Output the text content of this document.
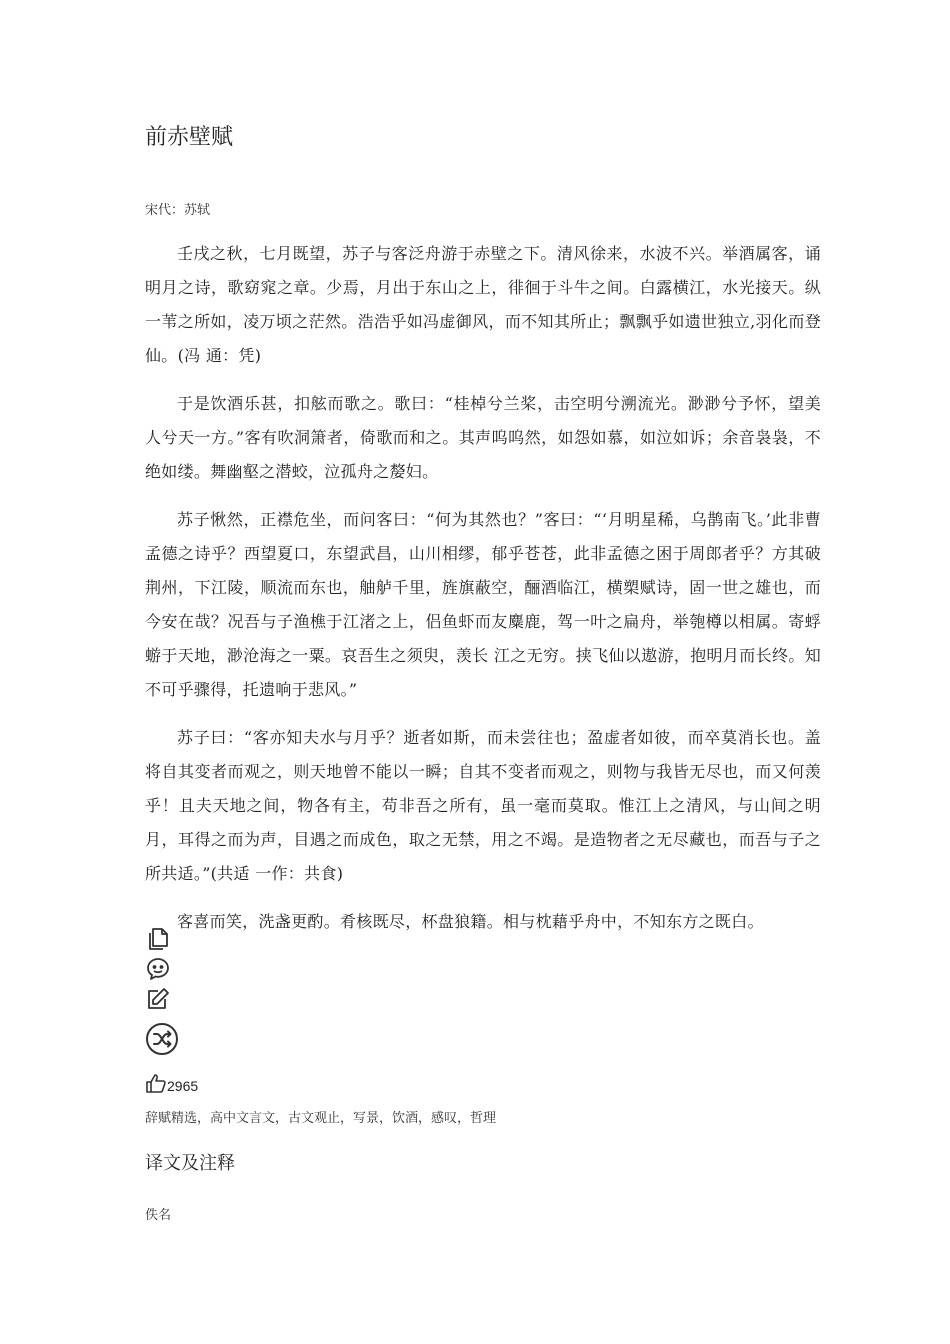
前赤壁赋
宋代：苏轼

壬戌之秋，七月既望，苏子与客泛舟游于赤壁之下。清风徐来，水波不兴。举酒属客，诵明月之诗，歌窈窕之章。少焉，月出于东山之上，徘徊于斗牛之间。白露横江，水光接天。纵一苇之所如，凌万顷之茫然。浩浩乎如冯虚御风，而不知其所止；飘飘乎如遗世独立,羽化而登仙。(冯 通：凭)

于是饮酒乐甚，扣舷而歌之。歌曰：“桂棹兮兰桨，击空明兮溯流光。渺渺兮予怀，望美人兮天一方。”客有吹洞箫者，倚歌而和之。其声呜呜然，如怨如慕，如泣如诉；余音袅袅，不绝如缕。舞幽壑之潜蛟，泣孤舟之嫠妇。

苏子愀然，正襟危坐，而问客曰：“何为其然也？”客曰：“‘月明星稀，乌鹊南飞。’此非曹孟德之诗乎？西望夏口，东望武昌，山川相缪，郁乎苍苍，此非孟德之困于周郎者乎？方其破荆州，下江陵，顺流而东也，舳舻千里，旌旗蔽空，酾酒临江，横槊赋诗，固一世之雄也，而今安在哉？况吾与子渔樵于江渚之上，侣鱼虾而友麋鹿，驾一叶之扁舟，举匏樽以相属。寄蜉蝣于天地，渺沧海之一粟。哀吾生之须臾，羡长 江之无穷。挟飞仙以遨游，抱明月而长终。知不可乎骤得，托遗响于悲风。”

苏子曰：“客亦知夫水与月乎？逝者如斯，而未尝往也；盈虚者如彼，而卒莫消长也。盖将自其变者而观之，则天地曾不能以一瞬；自其不变者而观之，则物与我皆无尽也，而又何羡乎！且夫天地之间，物各有主，苟非吾之所有，虽一毫而莫取。惟江上之清风，与山间之明月，耳得之而为声，目遇之而成色，取之无禁，用之不竭。是造物者之无尽藏也，而吾与子之所共适。”(共适 一作：共食)

客喜而笑，洗盏更酌。肴核既尽，杯盘狼籍。相与枕藉乎舟中，不知东方之既白。

2965
辞赋精选，高中文言文，古文观止，写景，饮酒，感叹，哲理
译文及注释
佚名
